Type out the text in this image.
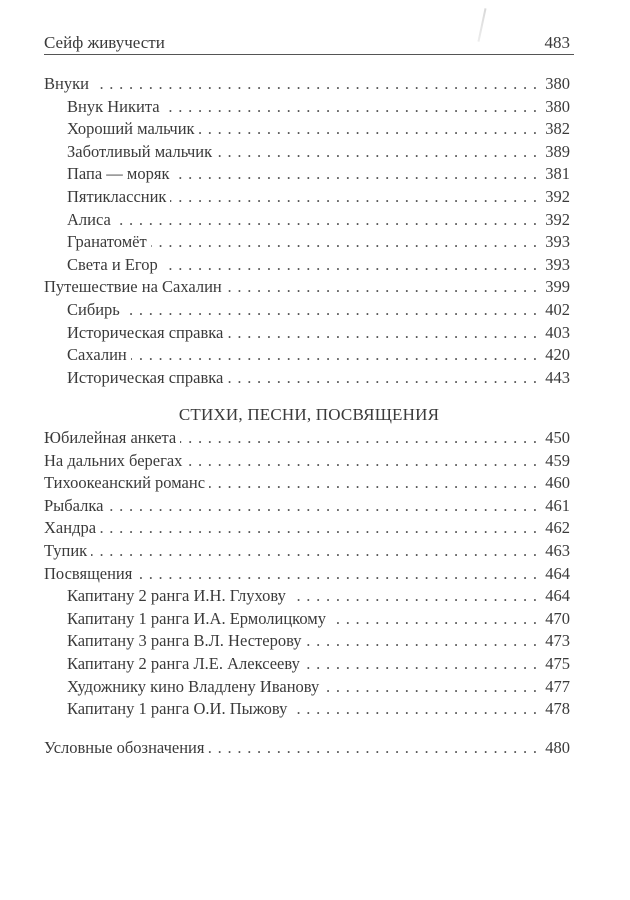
Сейф живучести	483
Внуки . . .	380
Внук Никита . . .	380
Хороший мальчик . . .	382
Заботливый мальчик . . .	389
Папа — моряк . . .	381
Пятиклассник . . .	392
Алиса . . .	392
Гранатомёт . . .	393
Света и Егор . . .	393
Путешествие на Сахалин . . .	399
Сибирь . . .	402
Историческая справка . . .	403
Сахалин . . .	420
Историческая справка . . .	443
СТИХИ, ПЕСНИ, ПОСВЯЩЕНИЯ
Юбилейная анкета . . .	450
На дальних берегах . . .	459
Тихоокеанский романс . . .	460
Рыбалка . . .	461
Хандра . . .	462
Тупик . . .	463
Посвящения . . .	464
Капитану 2 ранга И.Н. Глухову . . .	464
Капитану 1 ранга И.А. Ермолицкому . . .	470
Капитану 3 ранга В.Л. Нестерову . . .	473
Капитану 2 ранга Л.Е. Алексееву . . .	475
Художнику кино Владлену Иванову . . .	477
Капитану 1 ранга О.И. Пыжову . . .	478
Условные обозначения . . .	480
